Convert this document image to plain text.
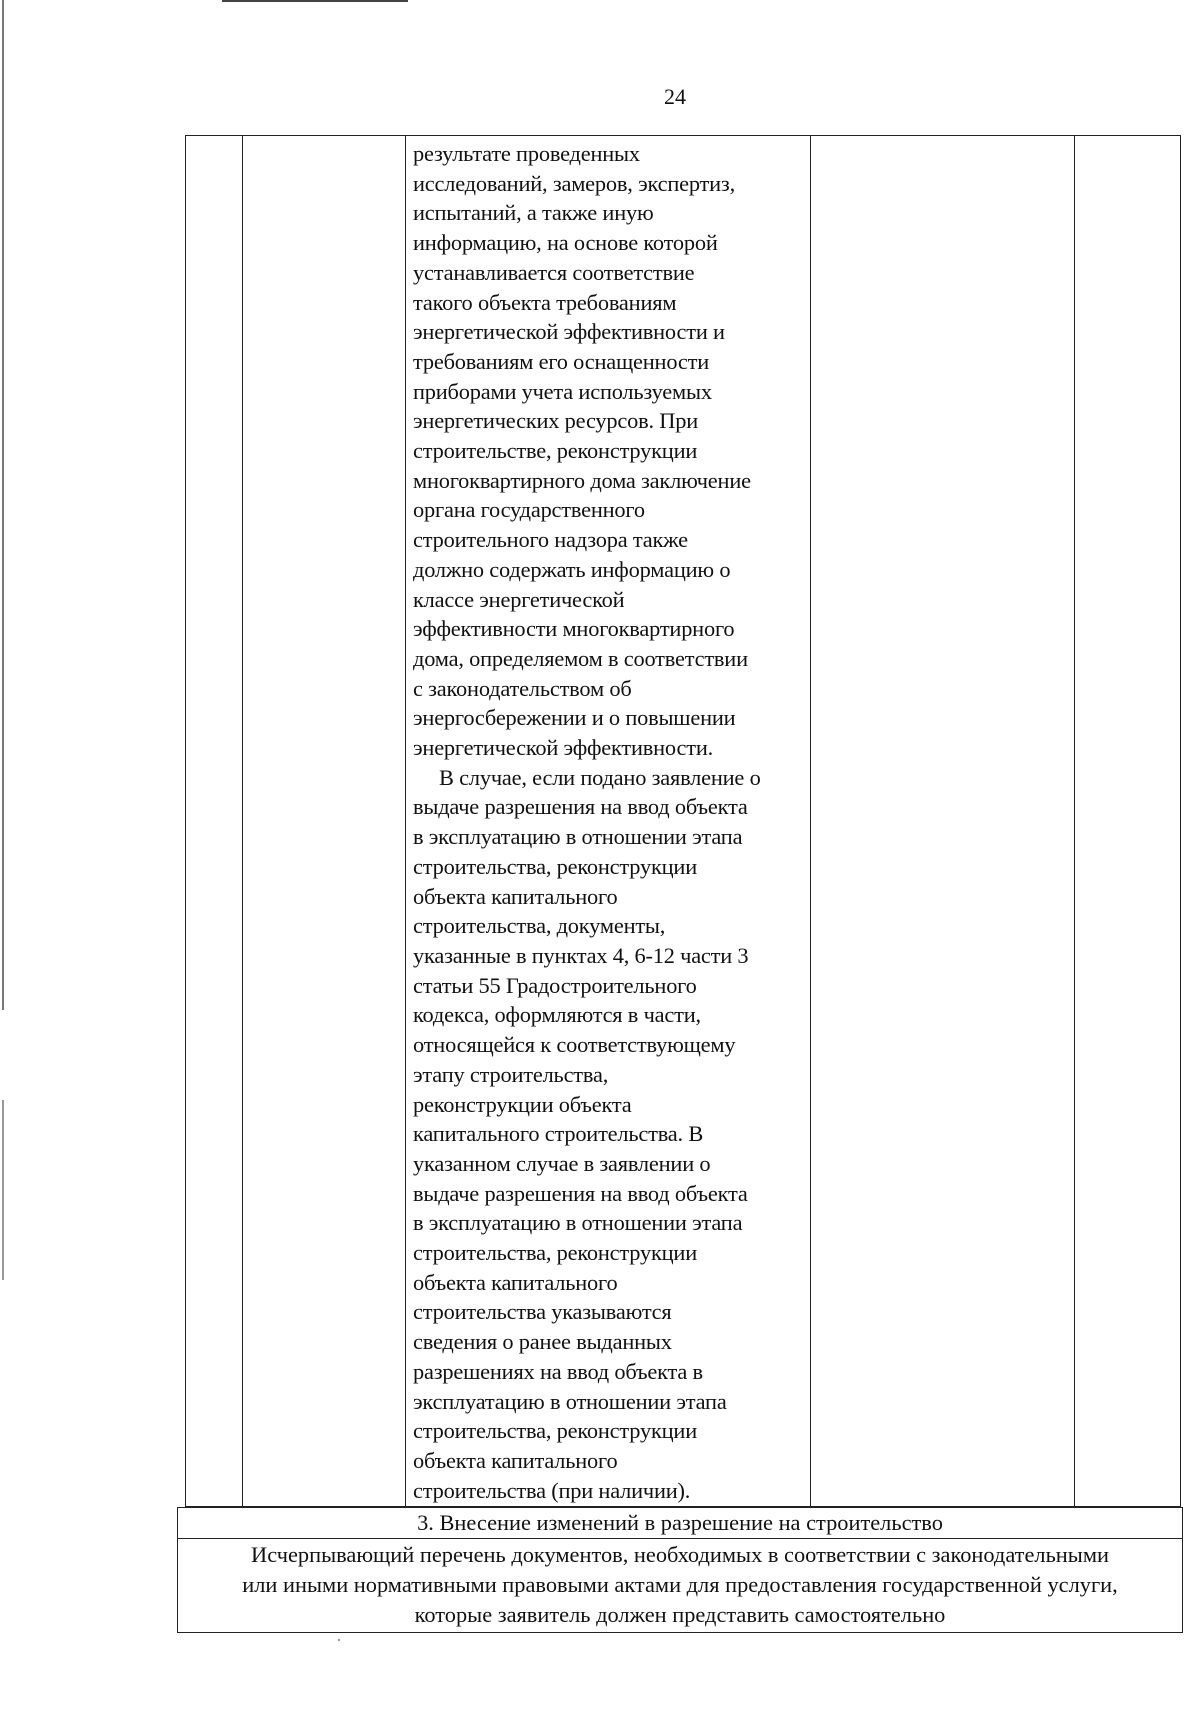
24

результате проведенных
исследований, замеров, экспертиз,
испытаний, а также иную
информацию, на основе которой
устанавливается соответствие
такого объекта требованиям
энергетической эффективности и
требованиям его оснащенности
приборами учета используемых
энергетических ресурсов. При
строительстве, реконструкции
многоквартирного дома заключение
органа государственного
строительного надзора также
должно содержать информацию о
классе энергетической
эффективности многоквартирного
дома, определяемом в соответствии
с законодательством об
энергосбережении и о повышении
энергетической эффективности.

В случае, если подано заявление о
выдаче разрешения на ввод объекта
в эксплуатацию в отношении этапа
строительства, реконструкции
объекта капитального
строительства, документы,
указанные в пунктах 4, 6-12 части 3
статьи 55 Градостроительного
кодекса, оформляются в части,
относящейся к соответствующему
этапу строительства,
реконструкции объекта
капитального строительства. В
указанном случае в заявлении о
выдаче разрешения на ввод объекта
в эксплуатацию в отношении этапа
строительства, реконструкции
объекта капитального
строительства указываются
сведения о ранее выданных
разрешениях на ввод объекта в
эксплуатацию в отношении этапа
строительства, реконструкции
объекта капитального
строительства (при наличии).

3. Внесение изменений в разрешение на строительство
Исчерпывающий перечень документов, необходимых в соответствии с законодательными
или иными нормативными правовыми актами для предоставления государственной услуги,
которые заявитель должен представить самостоятельно
